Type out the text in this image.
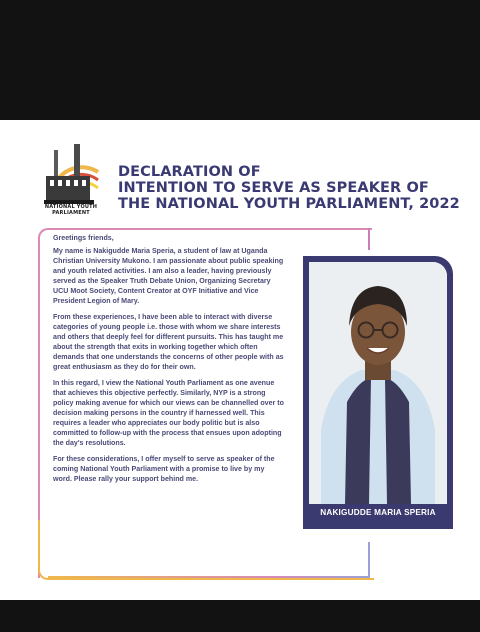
NATIONAL YOUTH PARLIAMENT
DECLARATION OF
INTENTION TO SERVE AS SPEAKER OF
THE NATIONAL YOUTH PARLIAMENT, 2022

Greetings friends,

My name is Nakigudde Maria Speria, a student of law at Uganda Christian University Mukono. I am passionate about public speaking and youth related activities. I am also a leader, having previously served as the Speaker Truth Debate Union, Organizing Secretary UCU Moot Society, Content Creator at OYF Initiative and Vice President Legion of Mary.

From these experiences, I have been able to interact with diverse categories of young people i.e. those with whom we share interests and others that deeply feel for different pursuits. This has taught me about the strength that exits in working together which often demands that one understands the concerns of other people with as great enthusiasm as they do for their own.

In this regard, I view the National Youth Parliament as one avenue that achieves this objective perfectly. Similarly, NYP is a strong policy making avenue for which our views can be channelled over to decision making persons in the country if harnessed well. This requires a leader who appreciates our body politic but is also committed to follow-up with the process that ensues upon adopting the day's resolutions.

For these considerations, I offer myself to serve as speaker of the coming National Youth Parliament with a promise to live by my word. Please rally your support behind me.

NAKIGUDDE MARIA SPERIA
